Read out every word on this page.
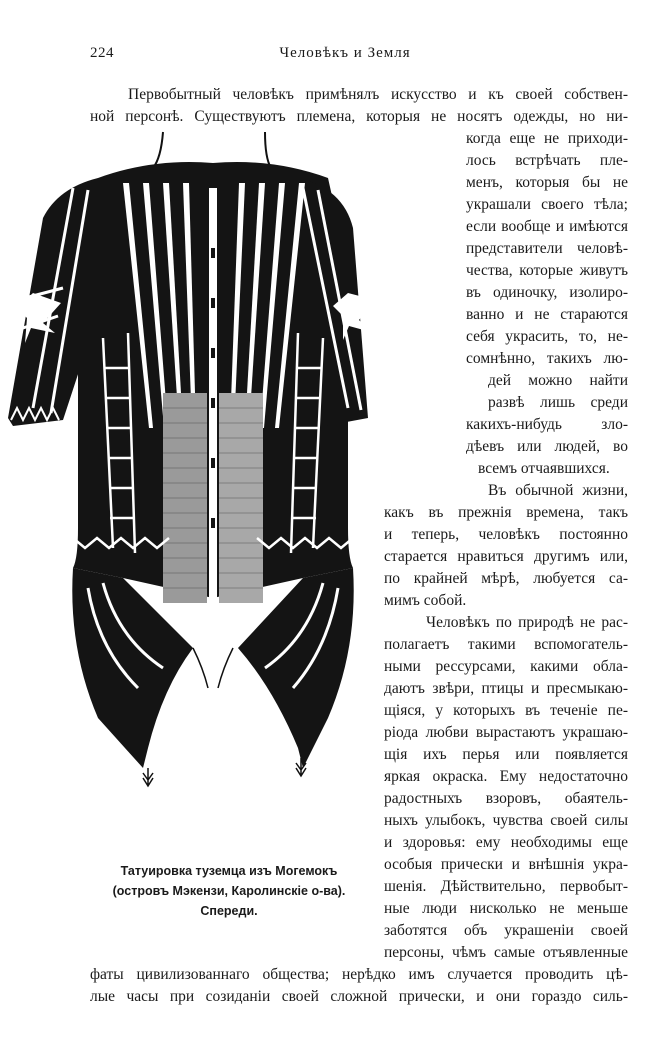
224	Человѣкъ и Земля
Первобытный человѣкъ примѣнялъ искусство и къ своей собствен-
ной персонѣ. Существуютъ племена, которыя не носятъ одежды, но ни-
когда еще не приходи-
лось встрѣчать пле-
менъ, которыя бы не
украшали своего тѣла;
если вообще и имѣются
представители человѣ-
чества, которые живутъ
въ одиночку, изолиро-
ванно и не стараются
себя украсить, то, не-
сомнѣнно, такихъ лю-
дей можно найти
развѣ лишь среди
какихъ-нибудь зло-
дѣевъ или людей, во
всемъ отчаявшихся.
Въ обычной жизни,
какъ въ прежнія времена, такъ
и теперь, человѣкъ постоянно
старается нравиться другимъ или,
по крайней мѣрѣ, любуется са-
мимъ собой.
Человѣкъ по природѣ не рас-
полагаетъ такими вспомогатель-
ными рессурсами, какими обла-
даютъ звѣри, птицы и пресмыкаю-
щіяся, у которыхъ въ теченіе пе-
ріода любви вырастаютъ украшаю-
щія ихъ перья или появляется
яркая окраска. Ему недостаточно
радостныхъ взоровъ, обаятель-
ныхъ улыбокъ, чувства своей силы
и здоровья: ему необходимы еще
особыя прически и внѣшнія укра-
шенія. Дѣйствительно, первобыт-
ные люди нисколько не меньше
заботятся объ украшеніи своей
персоны, чѣмъ самые отъявленные
фаты цивилизованнаго общества; нерѣдко имъ случается проводить цѣ-
лые часы при созиданіи своей сложной прически, и они гораздо силь-
Татуировка туземца изъ Могемокъ
(островъ Мэкензи, Каролинскіе о-ва).
Спереди.
